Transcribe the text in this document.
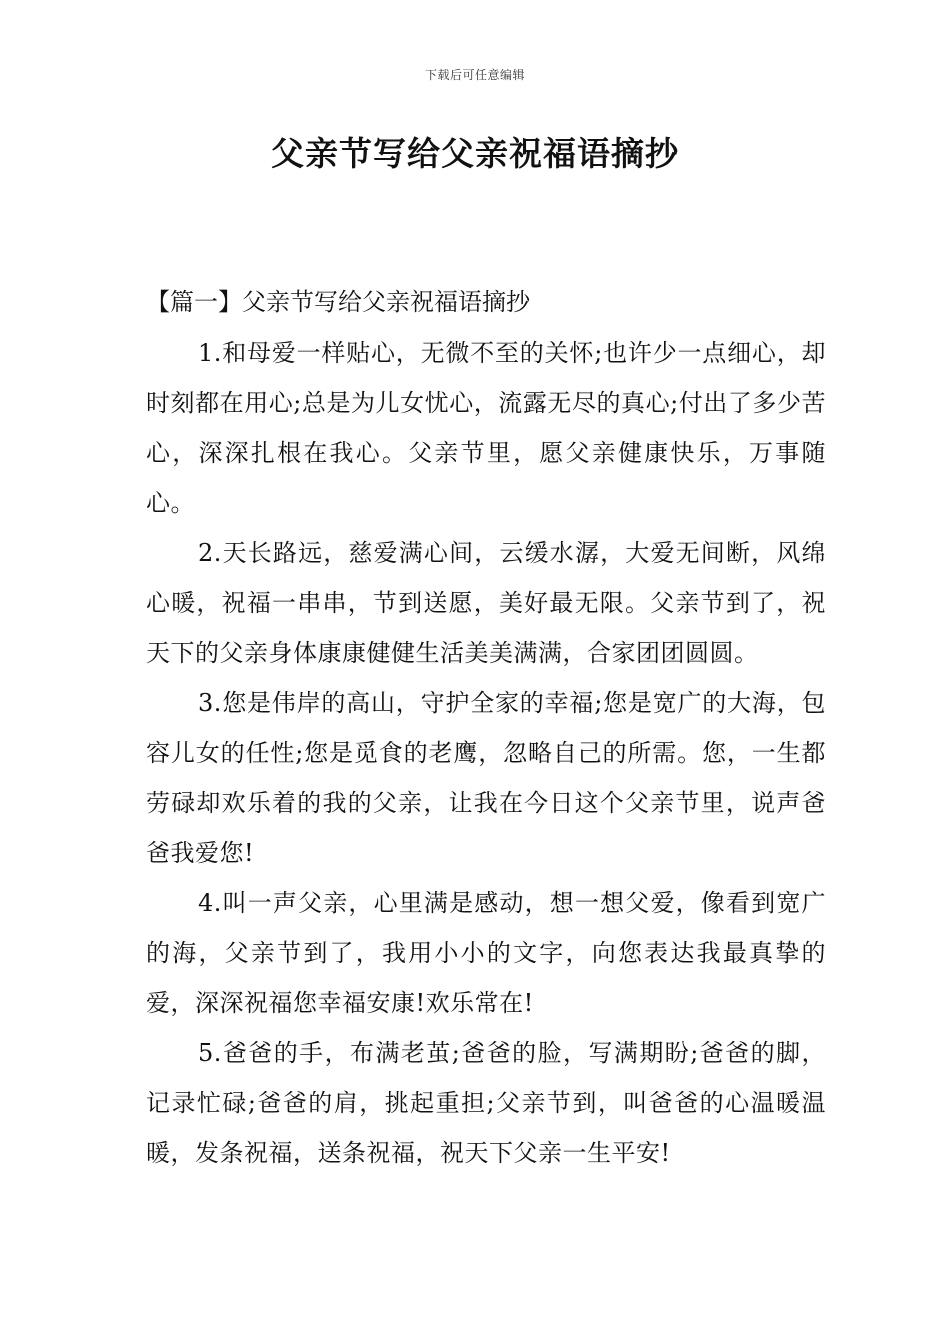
下载后可任意编辑
父亲节写给父亲祝福语摘抄

【篇一】父亲节写给父亲祝福语摘抄

1.和母爱一样贴心，无微不至的关怀;也许少一点细心，却时刻都在用心;总是为儿女忧心，流露无尽的真心;付出了多少苦心，深深扎根在我心。父亲节里，愿父亲健康快乐，万事随心。

2.天长路远，慈爱满心间，云缓水潺，大爱无间断，风绵心暖，祝福一串串，节到送愿，美好最无限。父亲节到了，祝天下的父亲身体康康健健生活美美满满，合家团团圆圆。

3.您是伟岸的高山，守护全家的幸福;您是宽广的大海，包容儿女的任性;您是觅食的老鹰，忽略自己的所需。您，一生都劳碌却欢乐着的我的父亲，让我在今日这个父亲节里，说声爸爸我爱您!

4.叫一声父亲，心里满是感动，想一想父爱，像看到宽广的海，父亲节到了，我用小小的文字，向您表达我最真挚的爱，深深祝福您幸福安康!欢乐常在!

5.爸爸的手，布满老茧;爸爸的脸，写满期盼;爸爸的脚，记录忙碌;爸爸的肩，挑起重担;父亲节到，叫爸爸的心温暖温暖，发条祝福，送条祝福，祝天下父亲一生平安!
